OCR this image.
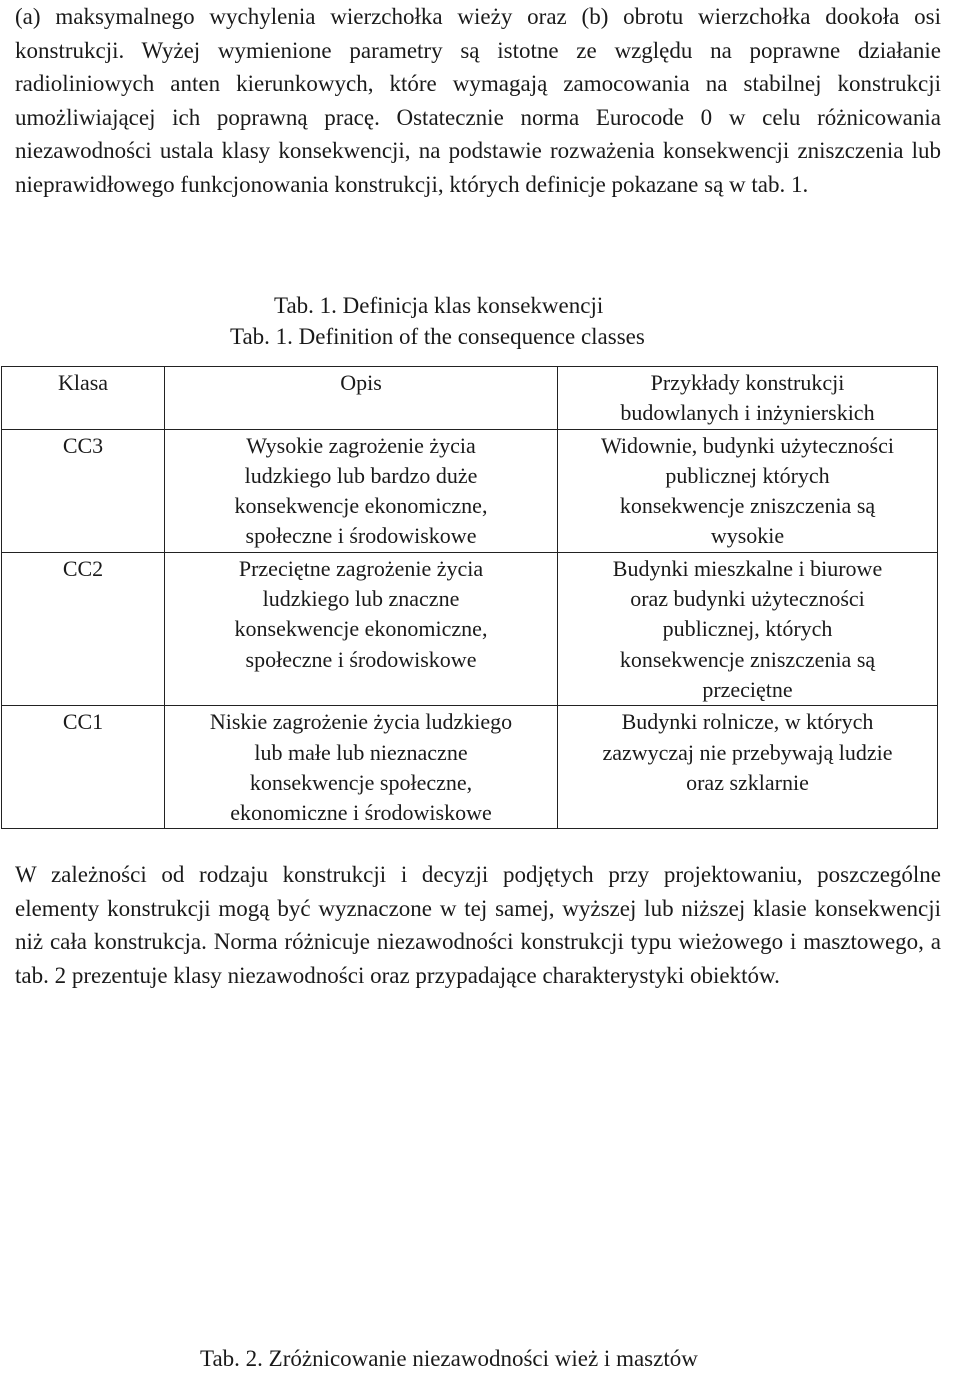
(a) maksymalnego wychylenia wierzchołka wieży oraz (b) obrotu wierzchołka dookoła osi konstrukcji. Wyżej wymienione parametry są istotne ze względu na poprawne działanie radioliniowych anten kierunkowych, które wymagają zamocowania na stabilnej konstrukcji umożliwiającej ich poprawną pracę. Ostatecznie norma Eurocode 0 w celu różnicowania niezawodności ustala klasy konsekwencji, na podstawie rozważenia konsekwencji zniszczenia lub nieprawidłowego funkcjonowania konstrukcji, których definicje pokazane są w tab. 1.

Tab. 1. Definicja klas konsekwencji
Tab. 1. Definition of the consequence classes
Klasa	Opis	Przykłady konstrukcji
budowlanych i inżynierskich
CC3	Wysokie zagrożenie życia
ludzkiego lub bardzo duże
konsekwencje ekonomiczne,
społeczne i środowiskowe	Widownie, budynki użyteczności
publicznej których
konsekwencje zniszczenia są
wysokie
CC2	Przeciętne zagrożenie życia
ludzkiego lub znaczne
konsekwencje ekonomiczne,
społeczne i środowiskowe	Budynki mieszkalne i biurowe
oraz budynki użyteczności
publicznej, których
konsekwencje zniszczenia są
przeciętne
CC1	Niskie zagrożenie życia ludzkiego
lub małe lub nieznaczne
konsekwencje społeczne,
ekonomiczne i środowiskowe	Budynki rolnicze, w których
zazwyczaj nie przebywają ludzie
oraz szklarnie

W zależności od rodzaju konstrukcji i decyzji podjętych przy projektowaniu, poszczególne elementy konstrukcji mogą być wyznaczone w tej samej, wyższej lub niższej klasie konsekwencji niż cała konstrukcja. Norma różnicuje niezawodności konstrukcji typu wieżowego i masztowego, a tab. 2 prezentuje klasy niezawodności oraz przypadające charakterystyki obiektów.

Tab. 2. Zróżnicowanie niezawodności wież i masztów
